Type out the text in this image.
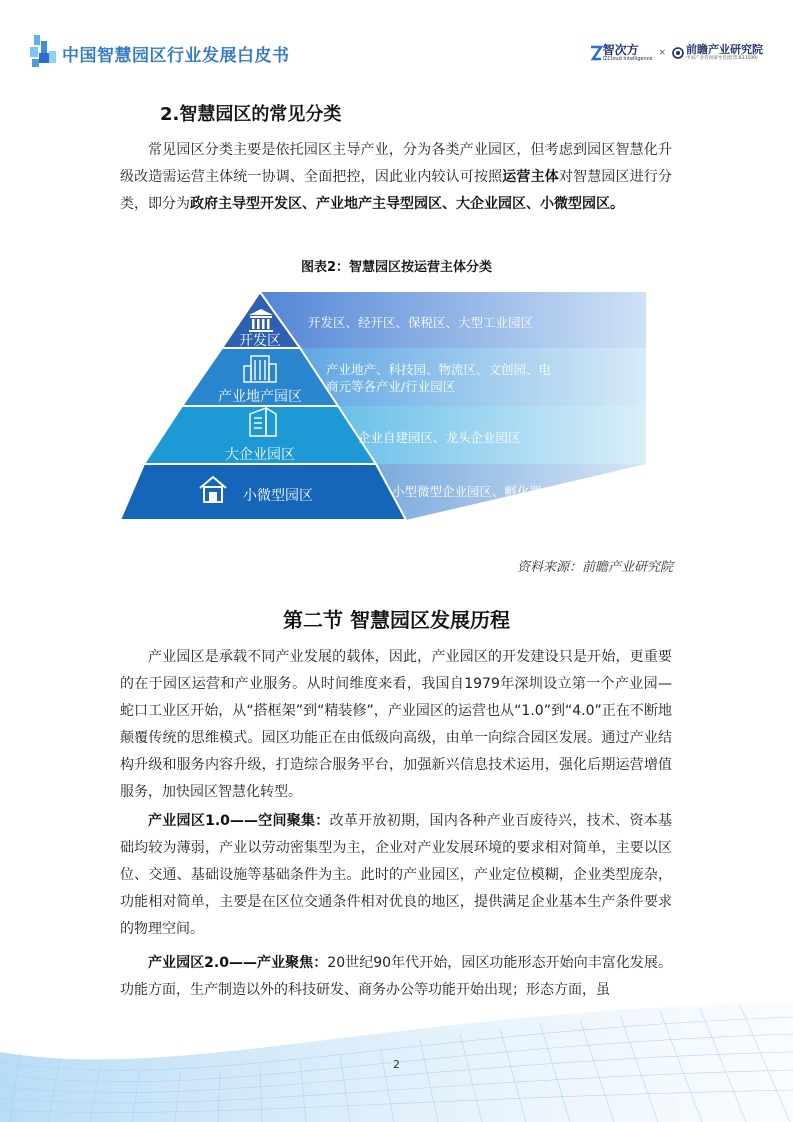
中国智慧园区行业发展白皮书	智次方
IZCloud Intelligence
× 前瞻产业研究院
中国产业咨询领导者(股票:833599)
2.智慧园区的常见分类
常见园区分类主要是依托园区主导产业，分为各类产业园区，但考虑到园区智慧化升级改造需运营主体统一协调、全面把控，因此业内较认可按照运营主体对智慧园区进行分类，即分为政府主导型开发区、产业地产主导型园区、大企业园区、小微型园区。
图表2：智慧园区按运营主体分类
开发区
产业地产园区
大企业园区
小微型园区
开发区、经开区、保税区、大型工业园区
产业地产、科技园、物流区、文创园、电
商元等各产业/行业园区
企业自建园区、龙头企业园区
小型微型企业园区、孵化器、众创空间
资料来源：前瞻产业研究院
第二节 智慧园区发展历程
产业园区是承载不同产业发展的载体，因此，产业园区的开发建设只是开始，更重要的在于园区运营和产业服务。从时间维度来看，我国自1979年深圳设立第一个产业园—蛇口工业区开始，从“搭框架”到“精装修”，产业园区的运营也从“1.0”到“4.0”正在不断地颠覆传统的思维模式。园区功能正在由低级向高级，由单一向综合园区发展。通过产业结构升级和服务内容升级，打造综合服务平台，加强新兴信息技术运用，强化后期运营增值服务，加快园区智慧化转型。
产业园区1.0——空间聚集：改革开放初期，国内各种产业百废待兴，技术、资本基础均较为薄弱，产业以劳动密集型为主，企业对产业发展环境的要求相对简单，主要以区位、交通、基础设施等基础条件为主。此时的产业园区，产业定位模糊，企业类型庞杂，功能相对简单，主要是在区位交通条件相对优良的地区，提供满足企业基本生产条件要求的物理空间。
产业园区2.0——产业聚焦：20世纪90年代开始，园区功能形态开始向丰富化发展。功能方面，生产制造以外的科技研发、商务办公等功能开始出现；形态方面，虽
2
